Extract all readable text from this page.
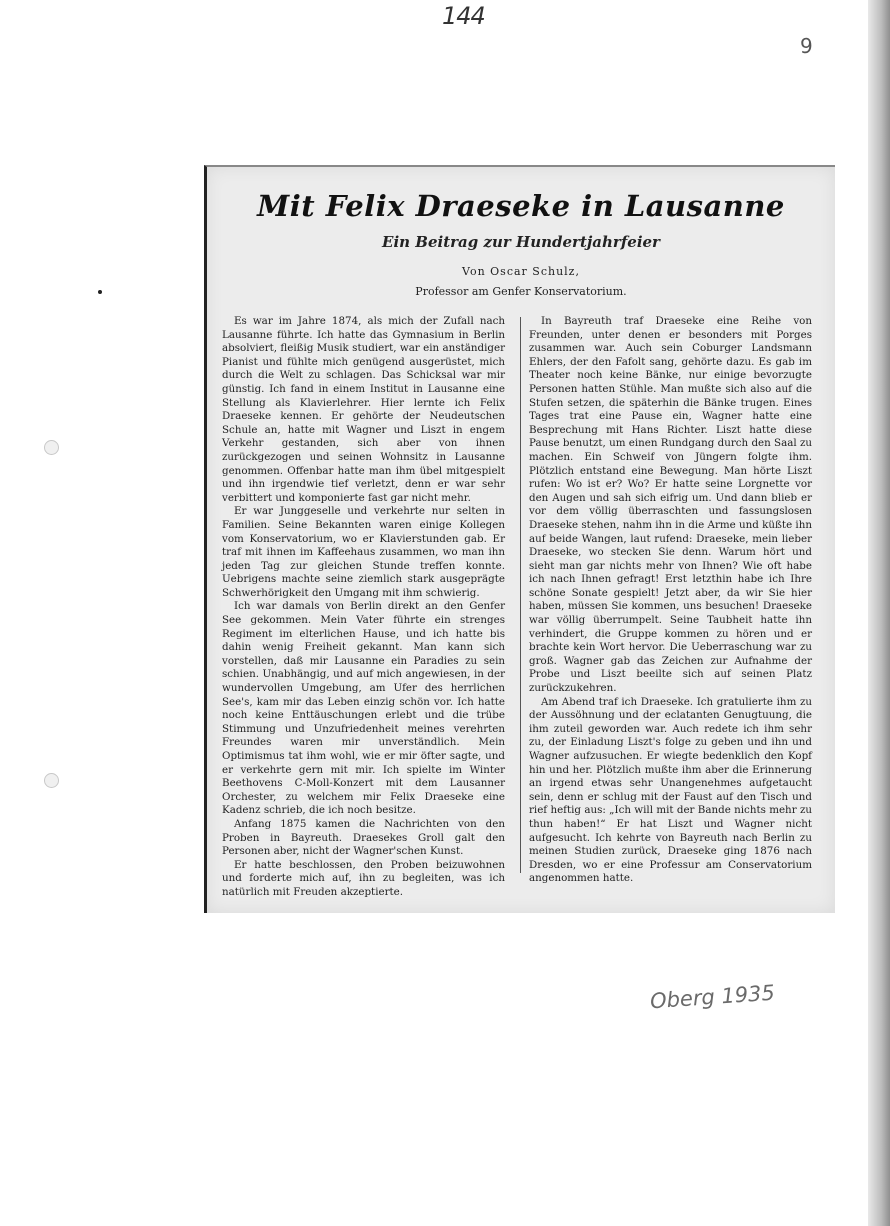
144
9
Oberg 1935
Mit Felix Draeseke in Lausanne
Ein Beitrag zur Hundertjahrfeier
Von Oscar Schulz,
Professor am Genfer Konservatorium.

Es war im Jahre 1874, als mich der Zufall nach Lausanne führte. Ich hatte das Gymnasium in Berlin absolviert, fleißig Musik studiert, war ein anständiger Pianist und fühlte mich genügend ausgerüstet, mich durch die Welt zu schlagen. Das Schicksal war mir günstig. Ich fand in einem Institut in Lausanne eine Stellung als Klavierlehrer. Hier lernte ich Felix Draeseke kennen. Er gehörte der Neudeutschen Schule an, hatte mit Wagner und Liszt in engem Verkehr gestanden, sich aber von ihnen zurückgezogen und seinen Wohnsitz in Lausanne genommen. Offenbar hatte man ihm übel mitgespielt und ihn irgendwie tief verletzt, denn er war sehr verbittert und komponierte fast gar nicht mehr.

Er war Junggeselle und verkehrte nur selten in Familien. Seine Bekannten waren einige Kollegen vom Konservatorium, wo er Klavierstunden gab. Er traf mit ihnen im Kaffeehaus zusammen, wo man ihn jeden Tag zur gleichen Stunde treffen konnte. Uebrigens machte seine ziemlich stark ausgeprägte Schwerhörigkeit den Umgang mit ihm schwierig.

Ich war damals von Berlin direkt an den Genfer See gekommen. Mein Vater führte ein strenges Regiment im elterlichen Hause, und ich hatte bis dahin wenig Freiheit gekannt. Man kann sich vorstellen, daß mir Lausanne ein Paradies zu sein schien. Unabhängig, und auf mich angewiesen, in der wundervollen Umgebung, am Ufer des herrlichen See's, kam mir das Leben einzig schön vor. Ich hatte noch keine Enttäuschungen erlebt und die trübe Stimmung und Unzufriedenheit meines verehrten Freundes waren mir unverständlich. Mein Optimismus tat ihm wohl, wie er mir öfter sagte, und er verkehrte gern mit mir. Ich spielte im Winter Beethovens C-Moll-Konzert mit dem Lausanner Orchester, zu welchem mir Felix Draeseke eine Kadenz schrieb, die ich noch besitze.

Anfang 1875 kamen die Nachrichten von den Proben in Bayreuth. Draesekes Groll galt den Personen aber, nicht der Wagner'schen Kunst.

Er hatte beschlossen, den Proben beizuwohnen und forderte mich auf, ihn zu begleiten, was ich natürlich mit Freuden akzeptierte.

In Bayreuth traf Draeseke eine Reihe von Freunden, unter denen er besonders mit Porges zusammen war. Auch sein Coburger Landsmann Ehlers, der den Fafolt sang, gehörte dazu. Es gab im Theater noch keine Bänke, nur einige bevorzugte Personen hatten Stühle. Man mußte sich also auf die Stufen setzen, die späterhin die Bänke trugen. Eines Tages trat eine Pause ein, Wagner hatte eine Besprechung mit Hans Richter. Liszt hatte diese Pause benutzt, um einen Rundgang durch den Saal zu machen. Ein Schweif von Jüngern folgte ihm. Plötzlich entstand eine Bewegung. Man hörte Liszt rufen: Wo ist er? Wo? Er hatte seine Lorgnette vor den Augen und sah sich eifrig um. Und dann blieb er vor dem völlig überraschten und fassungslosen Draeseke stehen, nahm ihn in die Arme und küßte ihn auf beide Wangen, laut rufend: Draeseke, mein lieber Draeseke, wo stecken Sie denn. Warum hört und sieht man gar nichts mehr von Ihnen? Wie oft habe ich nach Ihnen gefragt! Erst letzthin habe ich Ihre schöne Sonate gespielt! Jetzt aber, da wir Sie hier haben, müssen Sie kommen, uns besuchen! Draeseke war völlig überrumpelt. Seine Taubheit hatte ihn verhindert, die Gruppe kommen zu hören und er brachte kein Wort hervor. Die Ueberraschung war zu groß. Wagner gab das Zeichen zur Aufnahme der Probe und Liszt beeilte sich auf seinen Platz zurückzukehren.

Am Abend traf ich Draeseke. Ich gratulierte ihm zu der Aussöhnung und der eclatanten Genugtuung, die ihm zuteil geworden war. Auch redete ich ihm sehr zu, der Einladung Liszt's folge zu geben und ihn und Wagner aufzusuchen. Er wiegte bedenklich den Kopf hin und her. Plötzlich mußte ihm aber die Erinnerung an irgend etwas sehr Unangenehmes aufgetaucht sein, denn er schlug mit der Faust auf den Tisch und rief heftig aus: „Ich will mit der Bande nichts mehr zu thun haben!“ Er hat Liszt und Wagner nicht aufgesucht. Ich kehrte von Bayreuth nach Berlin zu meinen Studien zurück, Draeseke ging 1876 nach Dresden, wo er eine Professur am Conservatorium angenommen hatte.
